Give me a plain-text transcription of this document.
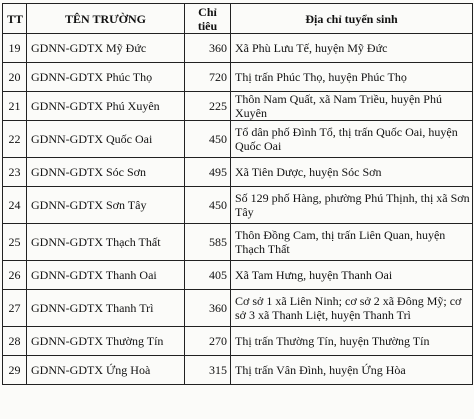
TT	TÊN TRƯỜNG	Chỉ tiêu	Địa chỉ tuyển sinh
19	GDNN-GDTX Mỹ Đức	360	Xã Phù Lưu Tế, huyện Mỹ Đức
20	GDNN-GDTX Phúc Thọ	720	Thị trấn Phúc Thọ, huyện Phúc Thọ
21	GDNN-GDTX Phú Xuyên	225	Thôn Nam Quất, xã Nam Triều, huyện Phú Xuyên
22	GDNN-GDTX Quốc Oai	450	Tổ dân phố Đình Tổ, thị trấn Quốc Oai, huyện Quốc Oai
23	GDNN-GDTX Sóc Sơn	495	Xã Tiên Dược, huyện Sóc Sơn
24	GDNN-GDTX Sơn Tây	450	Số 129 phố Hàng, phường Phú Thịnh, thị xã Sơn Tây
25	GDNN-GDTX Thạch Thất	585	Thôn Đồng Cam, thị trấn Liên Quan, huyện Thạch Thất
26	GDNN-GDTX Thanh Oai	405	Xã Tam Hưng, huyện Thanh Oai
27	GDNN-GDTX Thanh Trì	360	Cơ sở 1 xã Liên Ninh; cơ sở 2 xã Đông Mỹ; cơ sở 3 xã Thanh Liệt, huyện Thanh Trì
28	GDNN-GDTX Thường Tín	270	Thị trấn Thường Tín, huyện Thường Tín
29	GDNN-GDTX Ứng Hoà	315	Thị trấn Vân Đình, huyện Ứng Hòa
